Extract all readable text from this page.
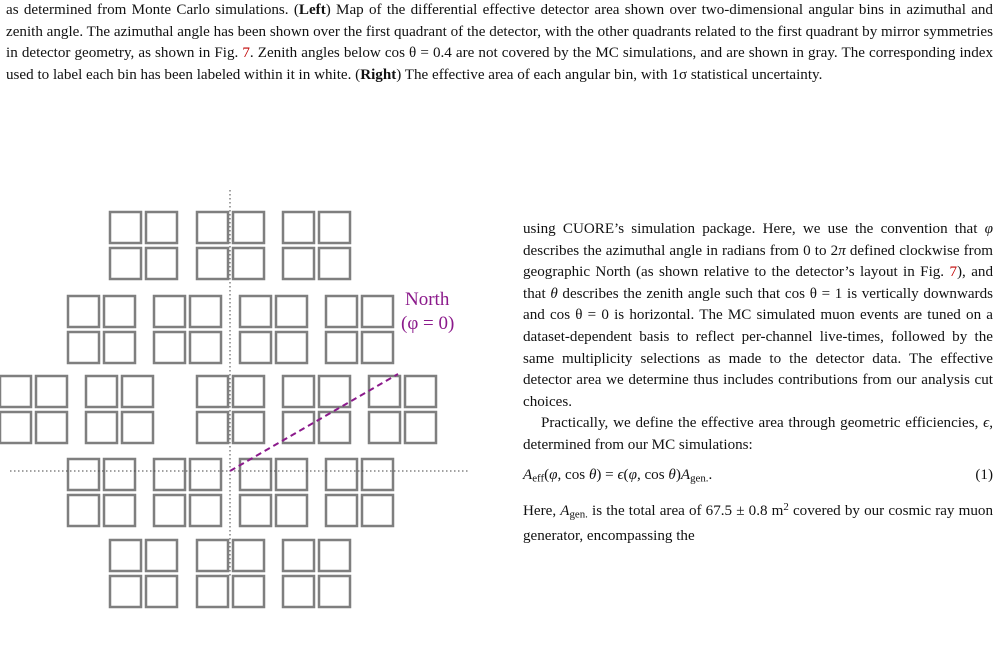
as determined from Monte Carlo simulations. (Left) Map of the differential effective detector area shown over two-dimensional angular bins in azimuthal and zenith angle. The azimuthal angle has been shown over the first quadrant of the detector, with the other quadrants related to the first quadrant by mirror symmetries in detector geometry, as shown in Fig. 7. Zenith angles below cos θ = 0.4 are not covered by the MC simulations, and are shown in gray. The corresponding index used to label each bin has been labeled within it in white. (Right) The effective area of each angular bin, with 1σ statistical uncertainty.
North
(φ = 0)

using CUORE’s simulation package. Here, we use the convention that φ describes the azimuthal angle in radians from 0 to 2π defined clockwise from geographic North (as shown relative to the detector’s layout in Fig. 7), and that θ describes the zenith angle such that cos θ = 1 is vertically downwards and cos θ = 0 is horizontal. The MC simulated muon events are tuned on a dataset-dependent basis to reflect per-channel live-times, followed by the same multiplicity selections as made to the detector data. The effective detector area we determine thus includes contributions from our analysis cut choices.

Practically, we define the effective area through geometric efficiencies, ϵ, determined from our MC simulations:

$A_{eff}(\varphi$, cos θ) = ϵ(φ, $\cos \theta)A_{gen.}$.	(1)

Here, $A_{gen.}$ is the total area of 67.5 ± 0.8 $m^2$ covered by our cosmic ray muon generator, encompassing the
